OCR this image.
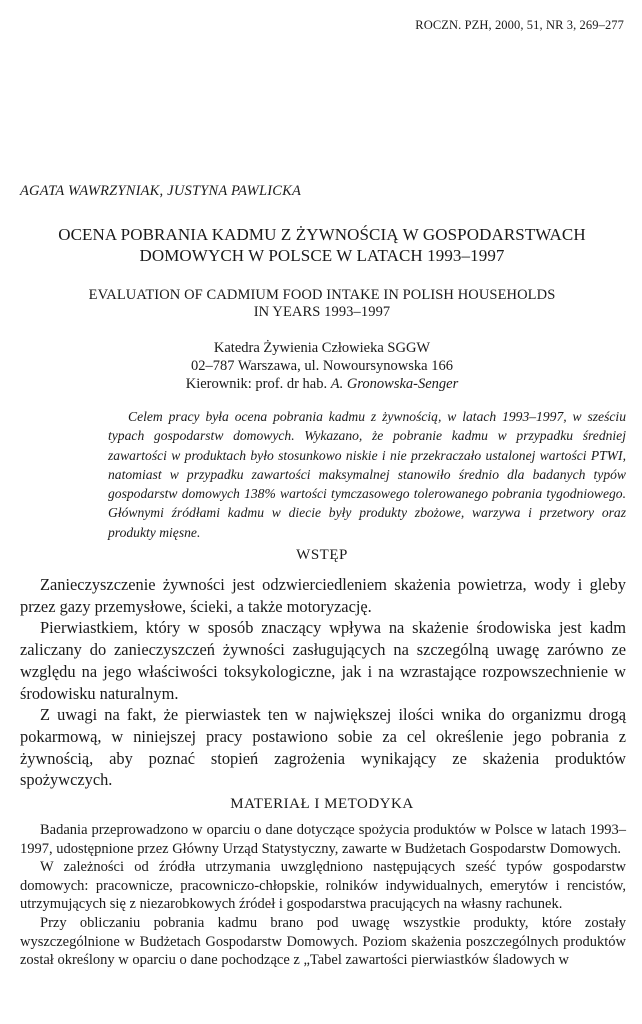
ROCZN. PZH, 2000, 51, NR 3, 269–277
AGATA WAWRZYNIAK, JUSTYNA PAWLICKA
OCENA POBRANIA KADMU Z ŻYWNOŚCIĄ W GOSPODARSTWACH
DOMOWYCH W POLSCE W LATACH 1993–1997
EVALUATION OF CADMIUM FOOD INTAKE IN POLISH HOUSEHOLDS
IN YEARS 1993–1997
Katedra Żywienia Człowieka SGGW
02–787 Warszawa, ul. Nowoursynowska 166
Kierownik: prof. dr hab. A. Gronowska-Senger

Celem pracy była ocena pobrania kadmu z żywnością, w latach 1993–1997, w sześciu typach gospodarstw domowych. Wykazano, że pobranie kadmu w przypadku średniej zawartości w produktach było stosunkowo niskie i nie przekraczało ustalonej wartości PTWI, natomiast w przypadku zawartości maksymalnej stanowiło średnio dla badanych typów gospodarstw domowych 138% wartości tymczasowego tolerowanego pobrania tygodniowego. Głównymi źródłami kadmu w diecie były produkty zbożowe, warzywa i przetwory oraz produkty mięsne.

WSTĘP

Zanieczyszczenie żywności jest odzwierciedleniem skażenia powietrza, wody i gleby przez gazy przemysłowe, ścieki, a także motoryzację.

Pierwiastkiem, który w sposób znaczący wpływa na skażenie środowiska jest kadm zaliczany do zanieczyszczeń żywności zasługujących na szczególną uwagę zarówno ze względu na jego właściwości toksykologiczne, jak i na wzrastające rozpowszechnienie w środowisku naturalnym.

Z uwagi na fakt, że pierwiastek ten w największej ilości wnika do organizmu drogą pokarmową, w niniejszej pracy postawiono sobie za cel określenie jego pobrania z żywnością, aby poznać stopień zagrożenia wynikający ze skażenia produktów spożywczych.

MATERIAŁ I METODYKA

Badania przeprowadzono w oparciu o dane dotyczące spożycia produktów w Polsce w latach 1993–1997, udostępnione przez Główny Urząd Statystyczny, zawarte w Budżetach Gospodarstw Domowych.

W zależności od źródła utrzymania uwzględniono następujących sześć typów gospodarstw domowych: pracownicze, pracowniczo-chłopskie, rolników indywidualnych, emerytów i rencistów, utrzymujących się z niezarobkowych źródeł i gospodarstwa pracujących na własny rachunek.

Przy obliczaniu pobrania kadmu brano pod uwagę wszystkie produkty, które zostały wyszczególnione w Budżetach Gospodarstw Domowych. Poziom skażenia poszczególnych produktów został określony w oparciu o dane pochodzące z „Tabel zawartości pierwiastków śladowych w
